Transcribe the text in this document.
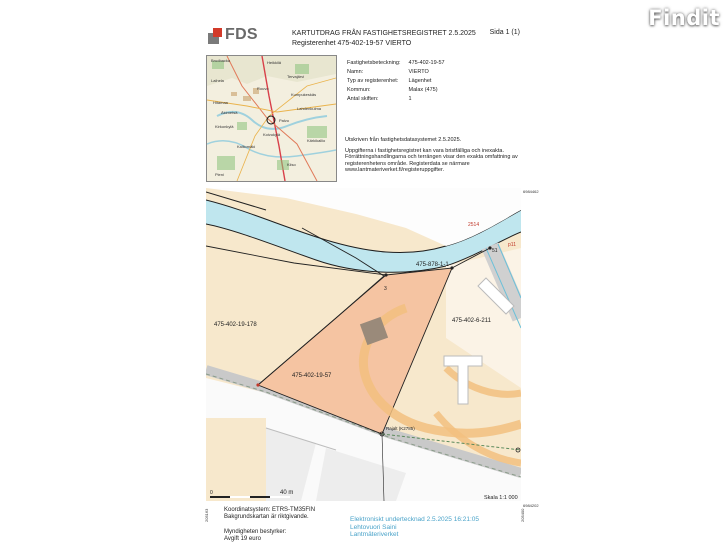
Findit
FDS	KARTUTDRAG FRÅN FASTIGHETSREGISTRET 2.5.2025
Registerenhet 475-402-19-57 VIERTO
Sida 1 (1)
Brudbacka	Heikkilä
Laihela
Tervajärvi
Rouvo
Kumpukeskäs
Hitamaa
Lahdenkulma
Äkimetsä
Palvo
Kirkonkylä
Koivukylä
Kärkikallio
Kalliomäki
Kiiso
Pieni
Fastighetsbeteckning:	475-402-19-57
Namn:	VIERTO
Typ av registerenhet:	Lägenhet
Kommun:	Malax (475)
Antal skiften:	1

Utskriven från fastighetsdatasystemet 2.5.2025.

Uppgifterna i fastighetsregistret kan vara bristfälliga och inexakta. Förrättningshandlingarna och terrängen visar den exakta omfattning av registerenhetens område. Registerdata se närmare www.lantmateriverket.fi/registeruppgifter.

475-402-19-57
475-402-19-178
475-402-6-211
475-878-1-1
3
2514
51
p11
Rajalt (K2785)
0	40 m
Skala 1:1 000
6984462
6984202
205163	205400
Koordinatsystem: ETRS-TM35FIN
Bakgrundskartan är riktgivande.
Myndigheten bestyrker:
Avgift 19 euro
Elektroniskt undertecknad 2.5.2025 16:21:05
Lehtovuori Saini
Lantmäteriverket
